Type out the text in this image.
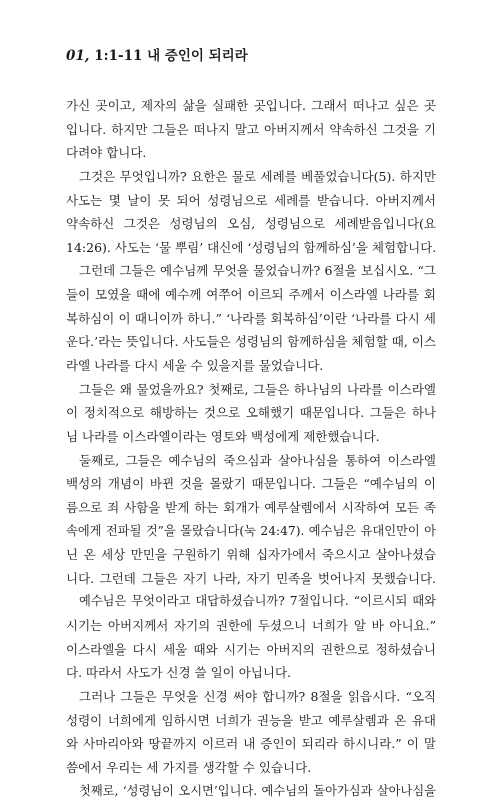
01, 1:1-11 내 증인이 되리라
가신 곳이고, 제자의 삶을 실패한 곳입니다. 그래서 떠나고 싶은 곳
입니다. 하지만 그들은 떠나지 말고 아버지께서 약속하신 그것을 기
다려야 합니다.
그것은 무엇입니까? 요한은 물로 세례를 베풀었습니다(5). 하지만
사도는 몇 날이 못 되어 성령님으로 세례를 받습니다. 아버지께서
약속하신 그것은 성령님의 오심, 성령님으로 세례받음입니다(요
14:26). 사도는 ‘물 뿌림’ 대신에 ‘성령님의 함께하심’을 체험합니다.
그런데 그들은 예수님께 무엇을 물었습니까? 6절을 보십시오. “그
들이 모였을 때에 예수께 여쭈어 이르되 주께서 이스라엘 나라를 회
복하심이 이 때니이까 하니.” ‘나라를 회복하심’이란 ‘나라를 다시 세
운다.’라는 뜻입니다. 사도들은 성령님의 함께하심을 체험할 때, 이스
라엘 나라를 다시 세울 수 있을지를 물었습니다.
그들은 왜 물었을까요? 첫째로, 그들은 하나님의 나라를 이스라엘
이 정치적으로 해방하는 것으로 오해했기 때문입니다. 그들은 하나
님 나라를 이스라엘이라는 영토와 백성에게 제한했습니다.
둘째로, 그들은 예수님의 죽으심과 살아나심을 통하여 이스라엘
백성의 개념이 바뀐 것을 몰랐기 때문입니다. 그들은 “예수님의 이
름으로 죄 사함을 받게 하는 회개가 예루살렘에서 시작하여 모든 족
속에게 전파될 것”을 몰랐습니다(눅 24:47). 예수님은 유대인만이 아
닌 온 세상 만민을 구원하기 위해 십자가에서 죽으시고 살아나셨습
니다. 그런데 그들은 자기 나라, 자기 민족을 벗어나지 못했습니다.
예수님은 무엇이라고 대답하셨습니까? 7절입니다. “이르시되 때와
시기는 아버지께서 자기의 권한에 두셨으니 너희가 알 바 아니요.”
이스라엘을 다시 세울 때와 시기는 아버지의 권한으로 정하셨습니
다. 따라서 사도가 신경 쓸 일이 아닙니다.
그러나 그들은 무엇을 신경 써야 합니까? 8절을 읽읍시다. “오직
성령이 너희에게 임하시면 너희가 권능을 받고 예루살렘과 온 유대
와 사마리아와 땅끝까지 이르러 내 증인이 되리라 하시니라.” 이 말
씀에서 우리는 세 가지를 생각할 수 있습니다.
첫째로, ‘성령님이 오시면’입니다. 예수님의 돌아가심과 살아나심을
